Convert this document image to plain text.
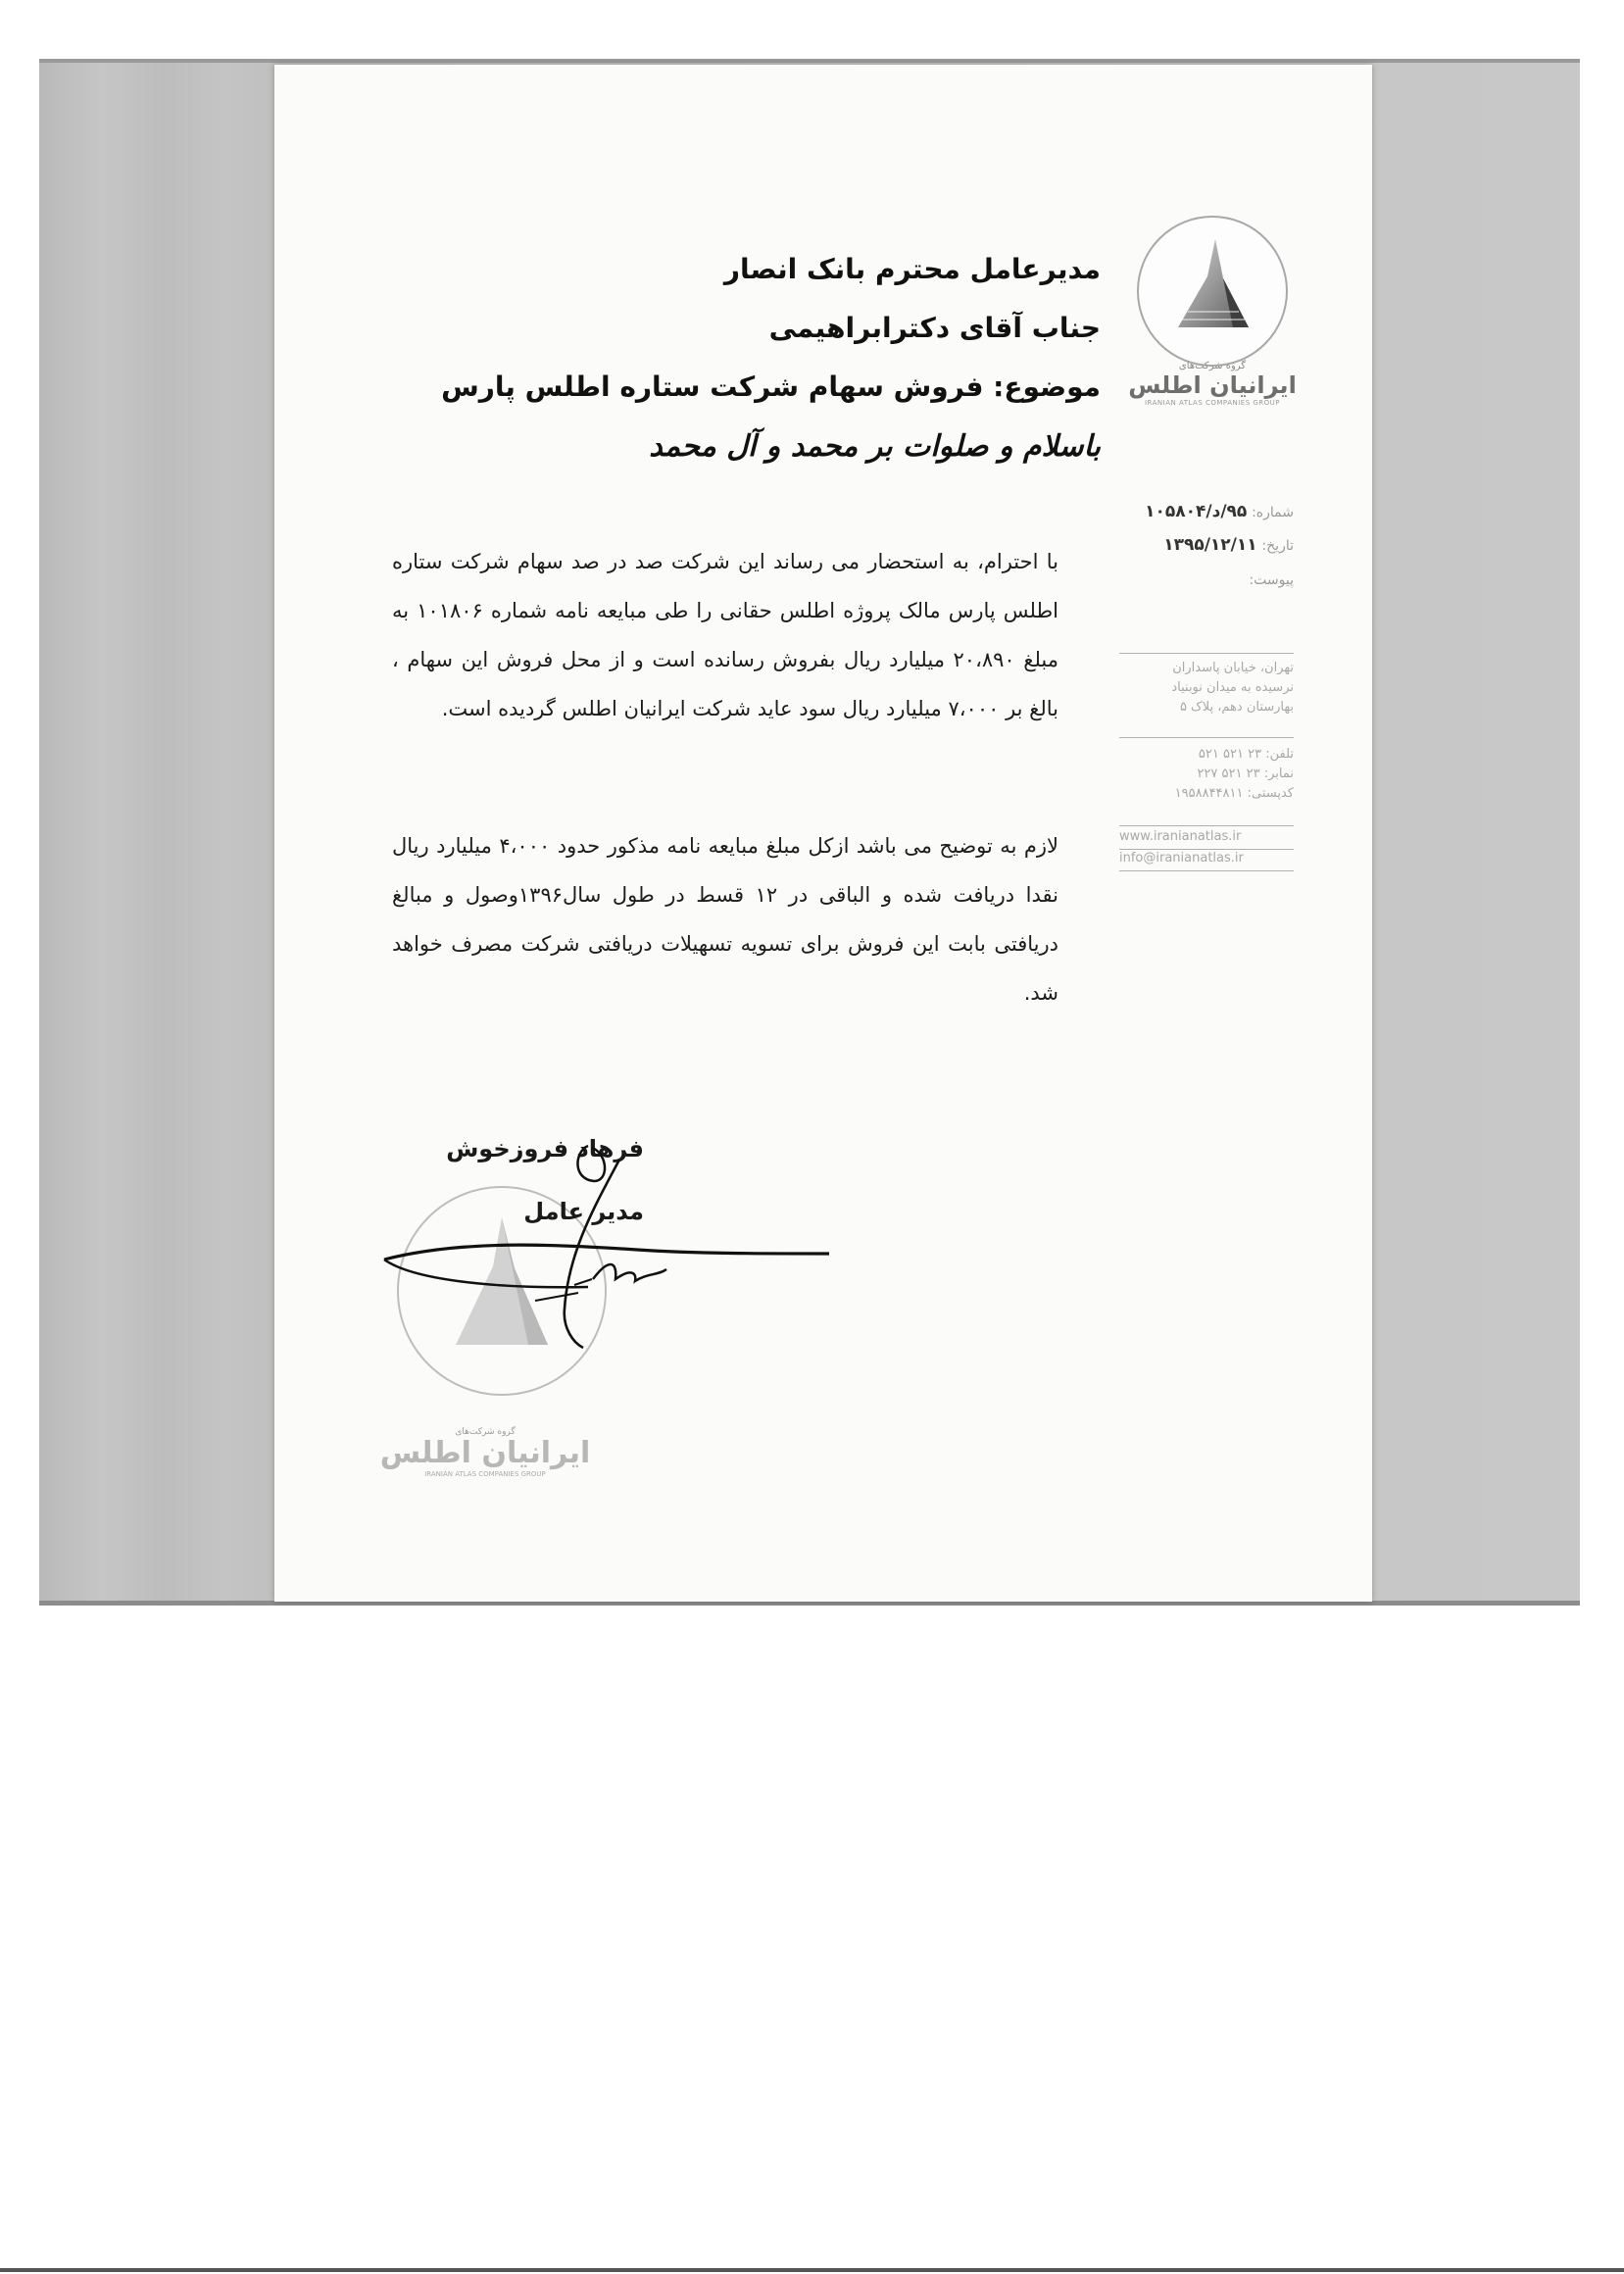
گروه شرکت‌های
ایرانیان اطلس
IRANIAN ATLAS COMPANIES GROUP
شماره: ۹۵/د/۱۰۵۸۰۴
تاریخ: ۱۳۹۵/۱۲/۱۱
پیوست:
تهران، خیابان پاسداران
نرسیده به میدان نوبنیاد
بهارستان دهم، پلاک ۵
تلفن: ۲۳ ۵۲۱ ۵۲۱
نمابر: ۲۳ ۵۲۱ ۲۲۷
کدپستی: ۱۹۵۸۸۴۴۸۱۱
www.iranianatlas.ir
info@iranianatlas.ir
مدیرعامل محترم بانک انصار
جناب آقای دکترابراهیمی
موضوع: فروش سهام شرکت ستاره اطلس پارس
باسلام و صلوات بر محمد و آل محمد
با احترام، به استحضار می رساند این شرکت صد در صد سهام شرکت ستاره اطلس پارس مالک پروژه اطلس حقانی را طی مبایعه نامه شماره ۱۰۱۸۰۶ به مبلغ ۲۰،۸۹۰ میلیارد ریال بفروش رسانده است و از محل فروش این سهام ، بالغ بر ۷،۰۰۰ میلیارد ریال سود عاید شرکت ایرانیان اطلس گردیده است.
لازم به توضیح می باشد ازکل مبلغ مبایعه نامه مذکور حدود ۴،۰۰۰ میلیارد ریال نقدا دریافت شده و الباقی در ۱۲ قسط در طول سال۱۳۹۶وصول و مبالغ دریافتی بابت این فروش برای تسویه تسهیلات دریافتی شرکت مصرف خواهد شد.
فرهاد فروزخوش
مدیر عامل
گروه شرکت‌های
ایرانیان اطلس
IRANIAN ATLAS COMPANIES GROUP
